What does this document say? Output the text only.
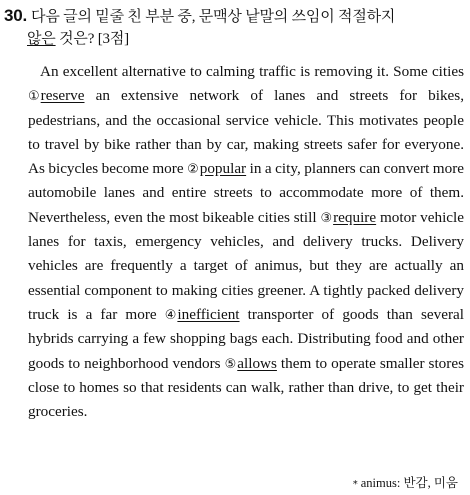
30. 다음 글의 밑줄 친 부분 중, 문맥상 낱말의 쓰임이 적절하지
않은 것은? [3점]

An excellent alternative to calming traffic is removing it. Some cities ①reserve an extensive network of lanes and streets for bikes, pedestrians, and the occasional service vehicle. This motivates people to travel by bike rather than by car, making streets safer for everyone. As bicycles become more ②popular in a city, planners can convert more automobile lanes and entire streets to accommodate more of them. Nevertheless, even the most bikeable cities still ③require motor vehicle lanes for taxis, emergency vehicles, and delivery trucks. Delivery vehicles are frequently a target of animus, but they are actually an essential component to making cities greener. A tightly packed delivery truck is a far more ④inefficient transporter of goods than several hybrids carrying a few shopping bags each. Distributing food and other goods to neighborhood vendors ⑤allows them to operate smaller stores close to homes so that residents can walk, rather than drive, to get their groceries.

* animus: 반감, 미움
